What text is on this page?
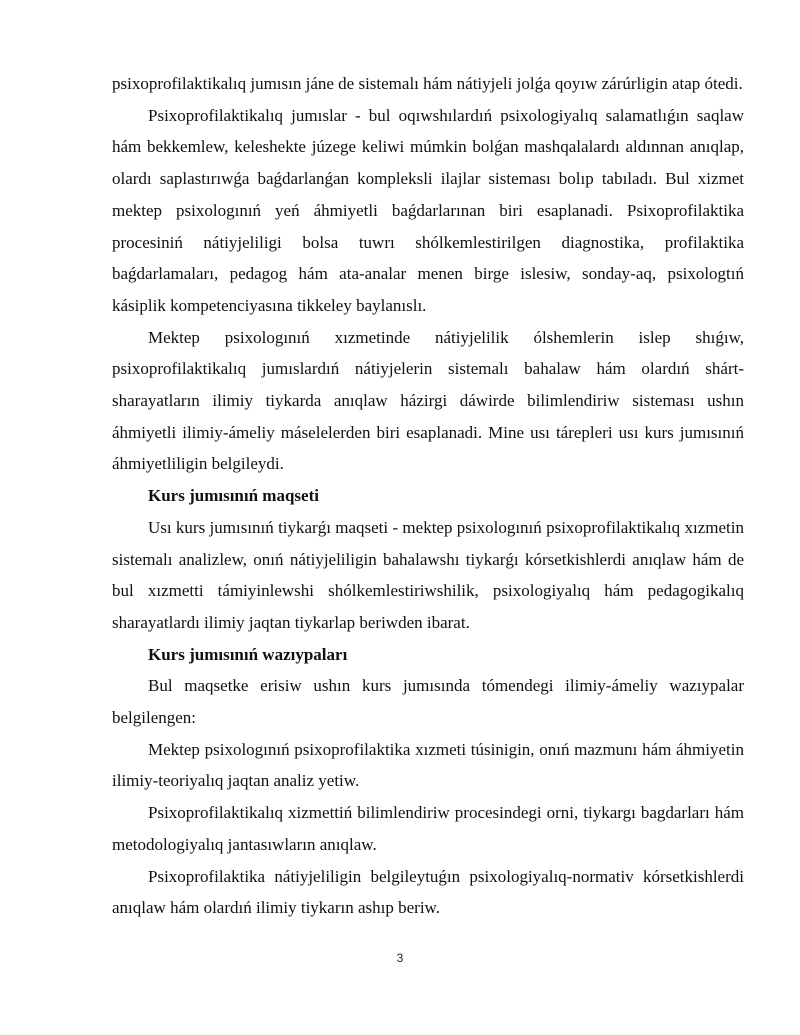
psixoprofilaktikalıq jumısın jáne de sistemalı hám nátiyjeli jolǵa qoyıw zárúrligin atap ótedi.

Psixoprofilaktikalıq jumıslar - bul oqıwshılardıń psixologiyalıq salamatlıǵın saqlaw hám bekkemlew, keleshekte júzege keliwi múmkin bolǵan mashqalalardı aldınnan anıqlap, olardı saplastırıwǵa baǵdarlanǵan kompleksli ilajlar sisteması bolıp tabıladı. Bul xizmet mektep psixologınıń yeń áhmiyetli baǵdarlarınan biri esaplanadi. Psixoprofilaktika procesiniń nátiyjeliligi bolsa tuwrı shólkemlestirilgen diagnostika, profilaktika baǵdarlamaları, pedagog hám ata-analar menen birge islesiw, sonday-aq, psixologtıń kásiplik kompetenciyasına tikkeley baylanıslı.

Mektep psixologınıń xızmetinde nátiyjelilik ólshemlerin islep shıǵıw, psixoprofilaktikalıq jumıslardıń nátiyjelerin sistemalı bahalaw hám olardıń shárt-sharayatların ilimiy tiykarda anıqlaw házirgi dáwirde bilimlendiriw sisteması ushın áhmiyetli ilimiy-ámeliy máselelerden biri esaplanadi. Mine usı tárepleri usı kurs jumısınıń áhmiyetliligin belgileydi.

Kurs jumısınıń maqseti

Usı kurs jumısınıń tiykarǵı maqseti - mektep psixologınıń psixoprofilaktikalıq xızmetin sistemalı analizlew, onıń nátiyjeliligin bahalawshı tiykarǵı kórsetkishlerdi anıqlaw hám de bul xızmetti támiyinlewshi shólkemlestiriwshilik, psixologiyalıq hám pedagogikalıq sharayatlardı ilimiy jaqtan tiykarlap beriwden ibarat.

Kurs jumısınıń wazıypaları

Bul maqsetke erisiw ushın kurs jumısında tómendegi ilimiy-ámeliy wazıypalar belgilengen:

Mektep psixologınıń psixoprofilaktika xızmeti túsinigin, onıń mazmunı hám áhmiyetin ilimiy-teoriyalıq jaqtan analiz yetiw.

Psixoprofilaktikalıq xizmettiń bilimlendiriw procesindegi orni, tiykargı bagdarları hám metodologiyalıq jantasıwların anıqlaw.

Psixoprofilaktika nátiyjeliligin belgileytuǵın psixologiyalıq-normativ kórsetkishlerdi anıqlaw hám olardıń ilimiy tiykarın ashıp beriw.

3
